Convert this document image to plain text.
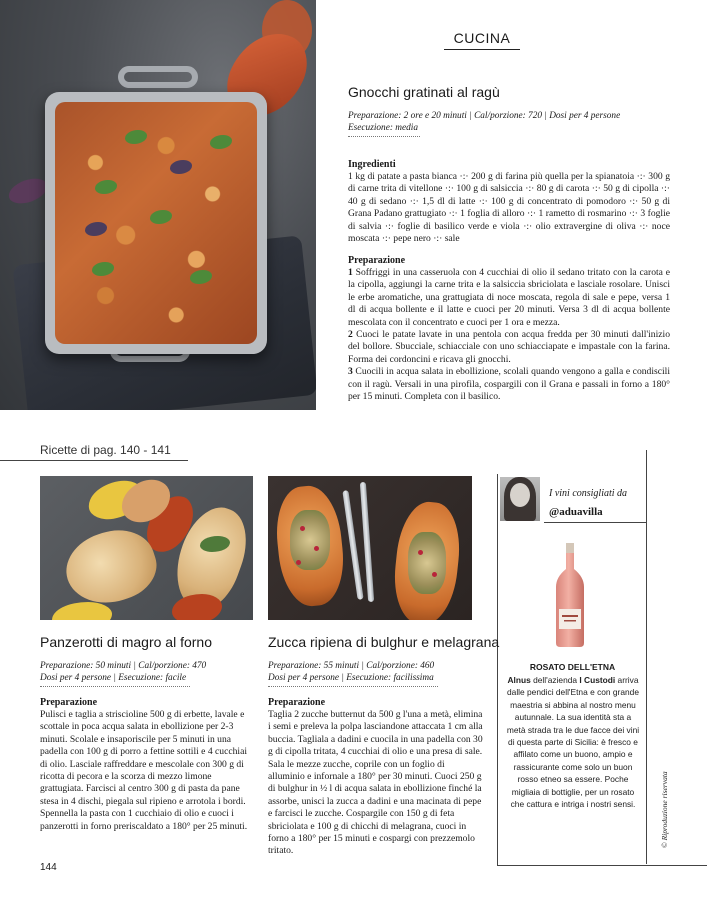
CUCINA
Gnocchi gratinati al ragù
Preparazione: 2 ore e 20 minuti | Cal/porzione: 720 | Dosi per 4 persone
Esecuzione: media
Ingredienti
1 kg di patate a pasta bianca ·:· 200 g di farina più quella per la spianatoia ·:· 300 g di carne trita di vitellone ·:· 100 g di salsiccia ·:· 80 g di carota ·:· 50 g di cipolla ·:· 40 g di sedano ·:· 1,5 dl di latte ·:· 100 g di concentrato di pomodoro ·:· 50 g di Grana Padano grattugiato ·:· 1 foglia di alloro ·:· 1 rametto di rosmarino ·:· 3 foglie di salvia ·:· foglie di basilico verde e viola ·:· olio extravergine di oliva ·:· noce moscata ·:· pepe nero ·:· sale
Preparazione
1 Soffriggi in una casseruola con 4 cucchiai di olio il sedano tritato con la carota e la cipolla, aggiungi la carne trita e la salsiccia sbriciolata e lasciale rosolare. Unisci le erbe aromatiche, una grattugiata di noce moscata, regola di sale e pepe, versa 1 dl di acqua bollente e il latte e cuoci per 20 minuti. Versa 3 dl di acqua bollente mescolata con il concentrato e cuoci per 1 ora e mezza.
2 Cuoci le patate lavate in una pentola con acqua fredda per 30 minuti dall'inizio del bollore. Sbucciale, schiacciale con uno schiacciapate e impastale con la farina. Forma dei cordoncini e ricava gli gnocchi.
3 Cuocili in acqua salata in ebollizione, scolali quando vengono a galla e condiscili con il ragù. Versali in una pirofila, cospargili con il Grana e passali in forno a 180° per 15 minuti. Completa con il basilico.
Ricette di pag. 140 - 141
Panzerotti di magro al forno
Preparazione: 50 minuti | Cal/porzione: 470
Dosi per 4 persone | Esecuzione: facile
Preparazione
Pulisci e taglia a striscioline 500 g di erbette, lavale e scottale in poca acqua salata in ebollizione per 2-3 minuti. Scolale e insaporiscile per 5 minuti in una padella con 100 g di porro a fettine sottili e 4 cucchiai di olio. Lasciale raffreddare e mescolale con 300 g di ricotta di pecora e la scorza di mezzo limone grattugiata. Farcisci al centro 300 g di pasta da pane stesa in 4 dischi, piegala sul ripieno e arrotola i bordi. Spennella la pasta con 1 cucchiaio di olio e cuoci i panzerotti in forno preriscaldato a 180° per 25 minuti.
Zucca ripiena di bulghur e melagrana
Preparazione: 55 minuti | Cal/porzione: 460
Dosi per 4 persone | Esecuzione: facilissima
Preparazione
Taglia 2 zucche butternut da 500 g l'una a metà, elimina i semi e preleva la polpa lasciandone attaccata 1 cm alla buccia. Tagliala a dadini e cuocila in una padella con 30 g di cipolla tritata, 4 cucchiai di olio e una presa di sale. Sala le mezze zucche, coprile con un foglio di alluminio e infornale a 180° per 30 minuti. Cuoci 250 g di bulghur in ½ l di acqua salata in ebollizione finché la assorbe, unisci la zucca a dadini e una macinata di pepe e farcisci le zucche. Cospargile con 150 g di feta sbriciolata e 100 g di chicchi di melagrana, cuoci in forno a 180° per 15 minuti e cospargi con prezzemolo tritato.
I vini consigliati da
@aduavilla
ROSATO DELL'ETNA
Alnus dell'azienda I Custodi arriva dalle pendici dell'Etna e con grande maestria si abbina al nostro menu autunnale. La sua identità sta a metà strada tra le due facce dei vini di questa parte di Sicilia: è fresco e affilato come un buono, ampio e rassicurante come solo un buon rosso etneo sa essere. Poche migliaia di bottiglie, per un rosato che cattura e intriga i nostri sensi.	© Riproduzione riservata
144
